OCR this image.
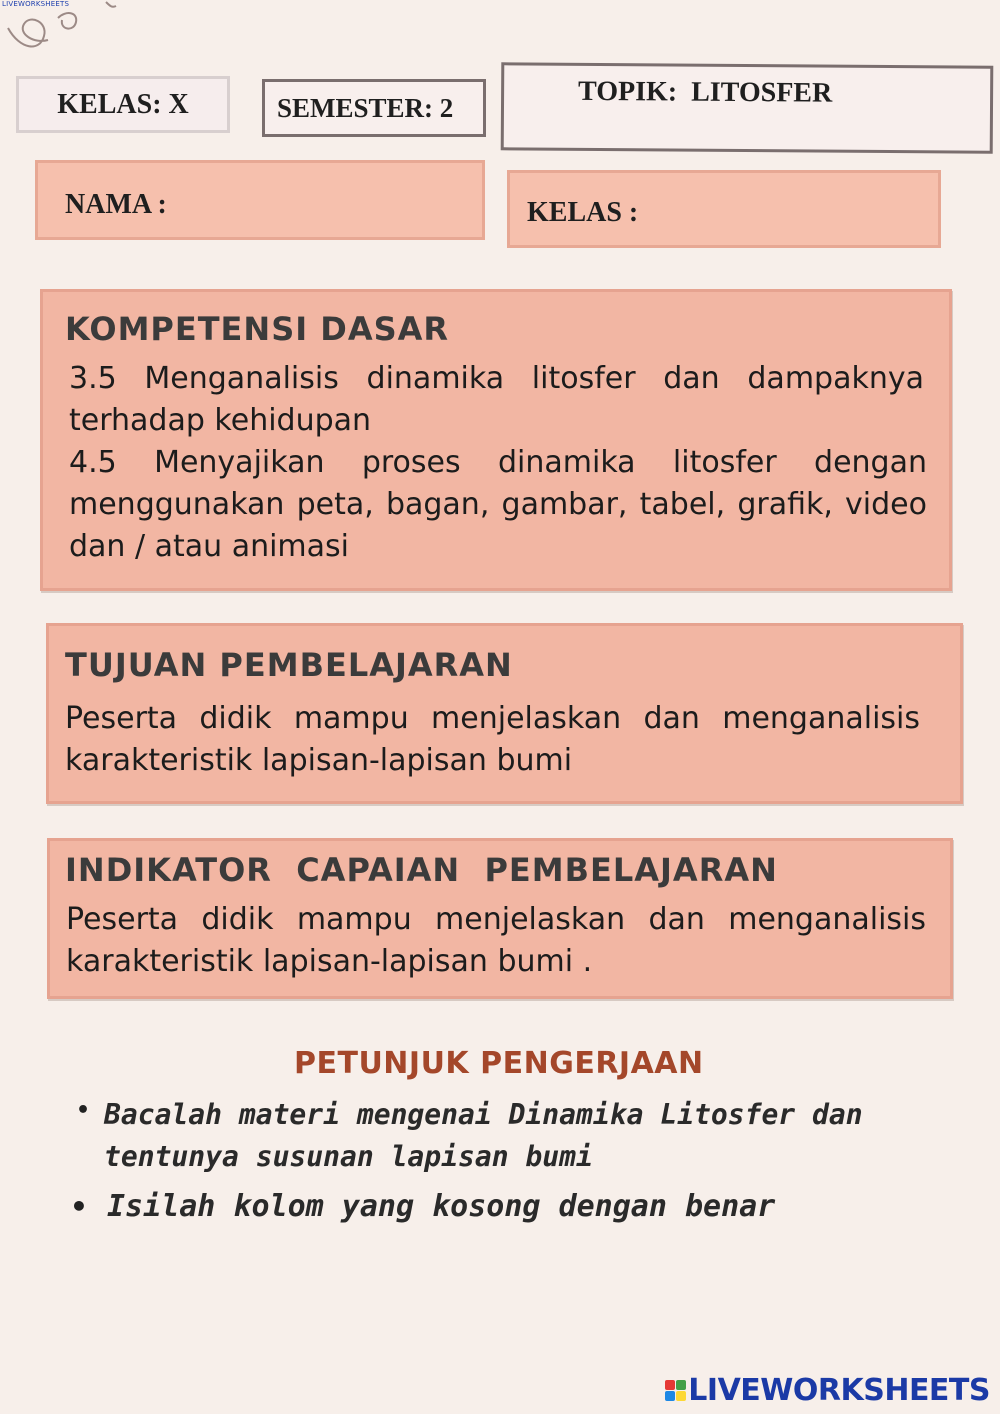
LIVEWORKSHEETS
KELAS: X	SEMESTER: 2	TOPIK:  LITOSFER
NAMA :	KELAS :
KOMPETENSI DASAR
3.5 Menganalisis dinamika litosfer dan dampaknya terhadap kehidupan
4.5 Menyajikan proses dinamika litosfer dengan menggunakan peta, bagan, gambar, tabel, grafik, video dan / atau animasi
TUJUAN PEMBELAJARAN
Peserta didik mampu menjelaskan dan menganalisis karakteristik lapisan-lapisan bumi
INDIKATOR  CAPAIAN  PEMBELAJARAN
Peserta didik mampu menjelaskan dan menganalisis karakteristik lapisan-lapisan bumi .
PETUNJUK PENGERJAAN
• Bacalah materi mengenai Dinamika Litosfer dan tentunya susunan lapisan bumi
• Isilah kolom yang kosong dengan benar
LIVEWORKSHEETS
